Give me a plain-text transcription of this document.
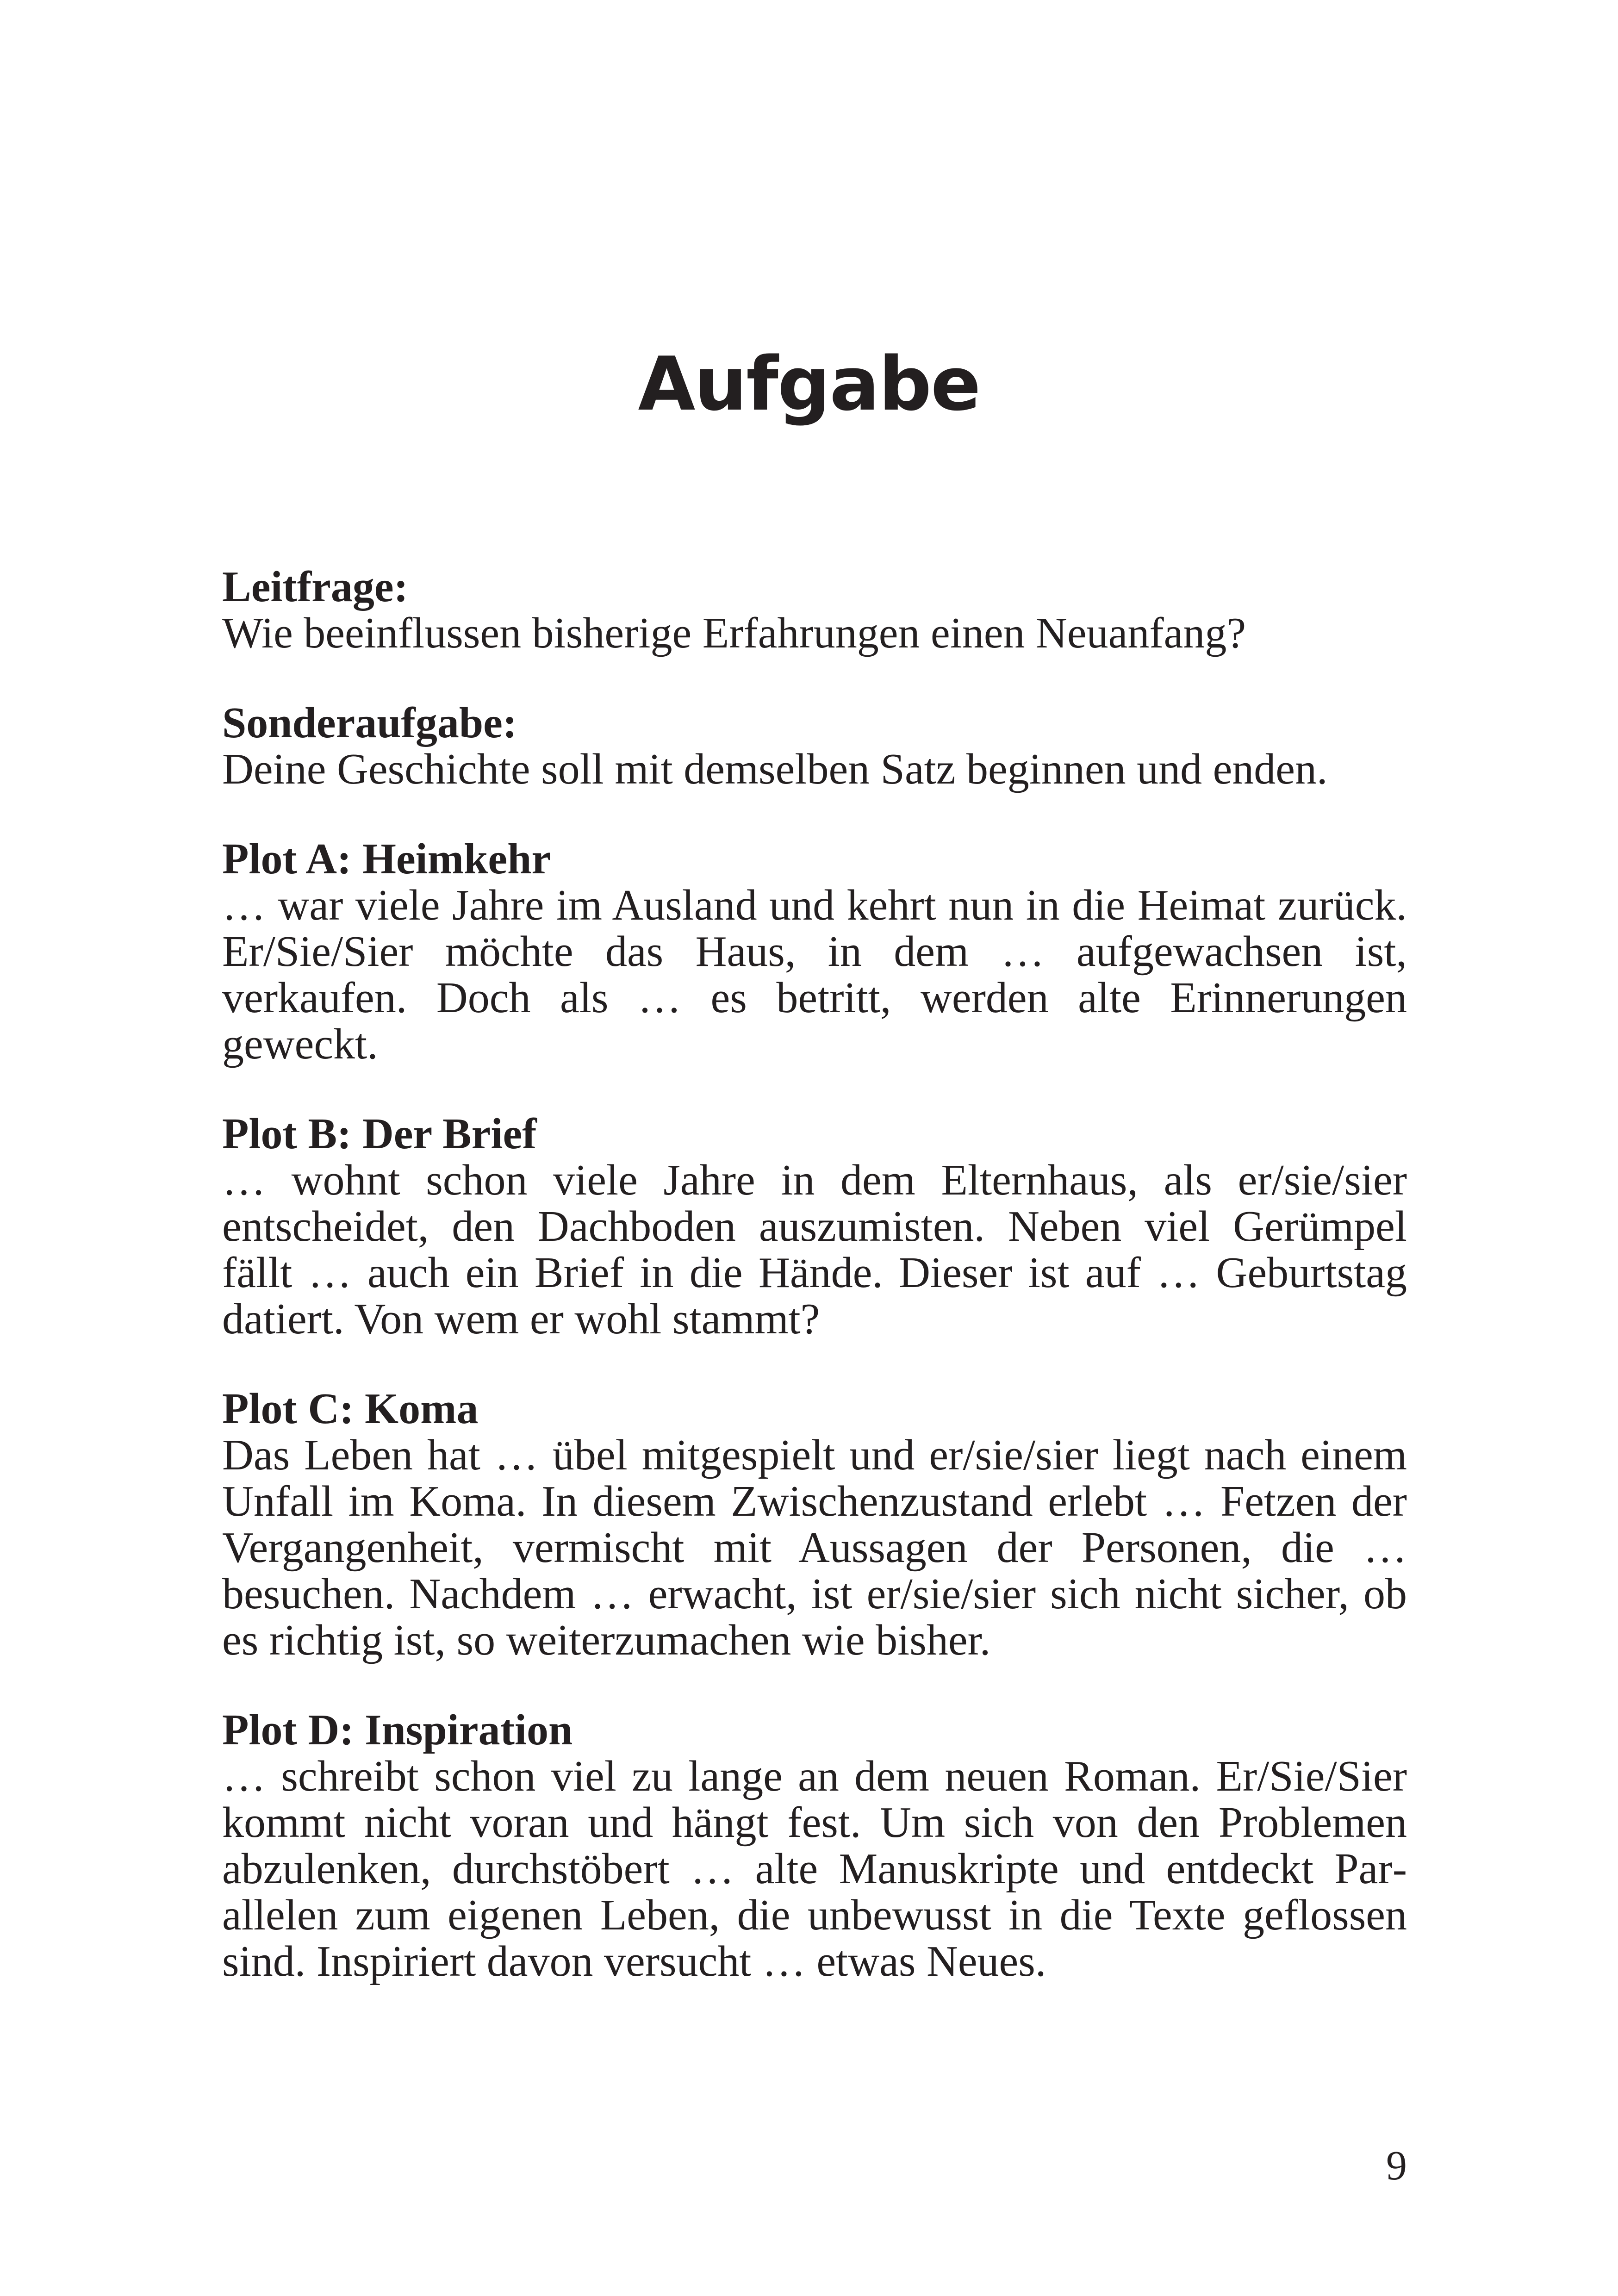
Aufgabe
Leitfrage:
Wie beeinflussen bisherige Erfahrungen einen Neuanfang?
Sonderaufgabe:
Deine Geschichte soll mit demselben Satz beginnen und enden.
Plot A: Heimkehr
… war viele Jahre im Ausland und kehrt nun in die Heimat zurück. Er/Sie/Sier möchte das Haus, in dem … aufgewachsen ist, verkaufen. Doch als … es betritt, werden alte Erinnerungen geweckt.
Plot B: Der Brief
… wohnt schon viele Jahre in dem Elternhaus, als er/sie/sier entscheidet, den Dachboden auszumisten. Neben viel Gerümpel fällt … auch ein Brief in die Hände. Dieser ist auf … Geburtstag datiert. Von wem er wohl stammt?
Plot C: Koma
Das Leben hat … übel mitgespielt und er/sie/sier liegt nach einem Unfall im Koma. In diesem Zwischenzustand erlebt … Fetzen der Vergangenheit, vermischt mit Aussagen der Personen, die … besuchen. Nachdem … erwacht, ist er/sie/sier sich nicht sicher, ob es richtig ist, so weiterzumachen wie bisher.
Plot D: Inspiration
… schreibt schon viel zu lange an dem neuen Roman. Er/Sie/Sier kommt nicht voran und hängt fest. Um sich von den Problemen abzulenken, durchstöbert … alte Manuskripte und entdeckt Parallelen zum eigenen Leben, die unbewusst in die Texte geflossen sind. Inspiriert davon versucht … etwas Neues.
9
